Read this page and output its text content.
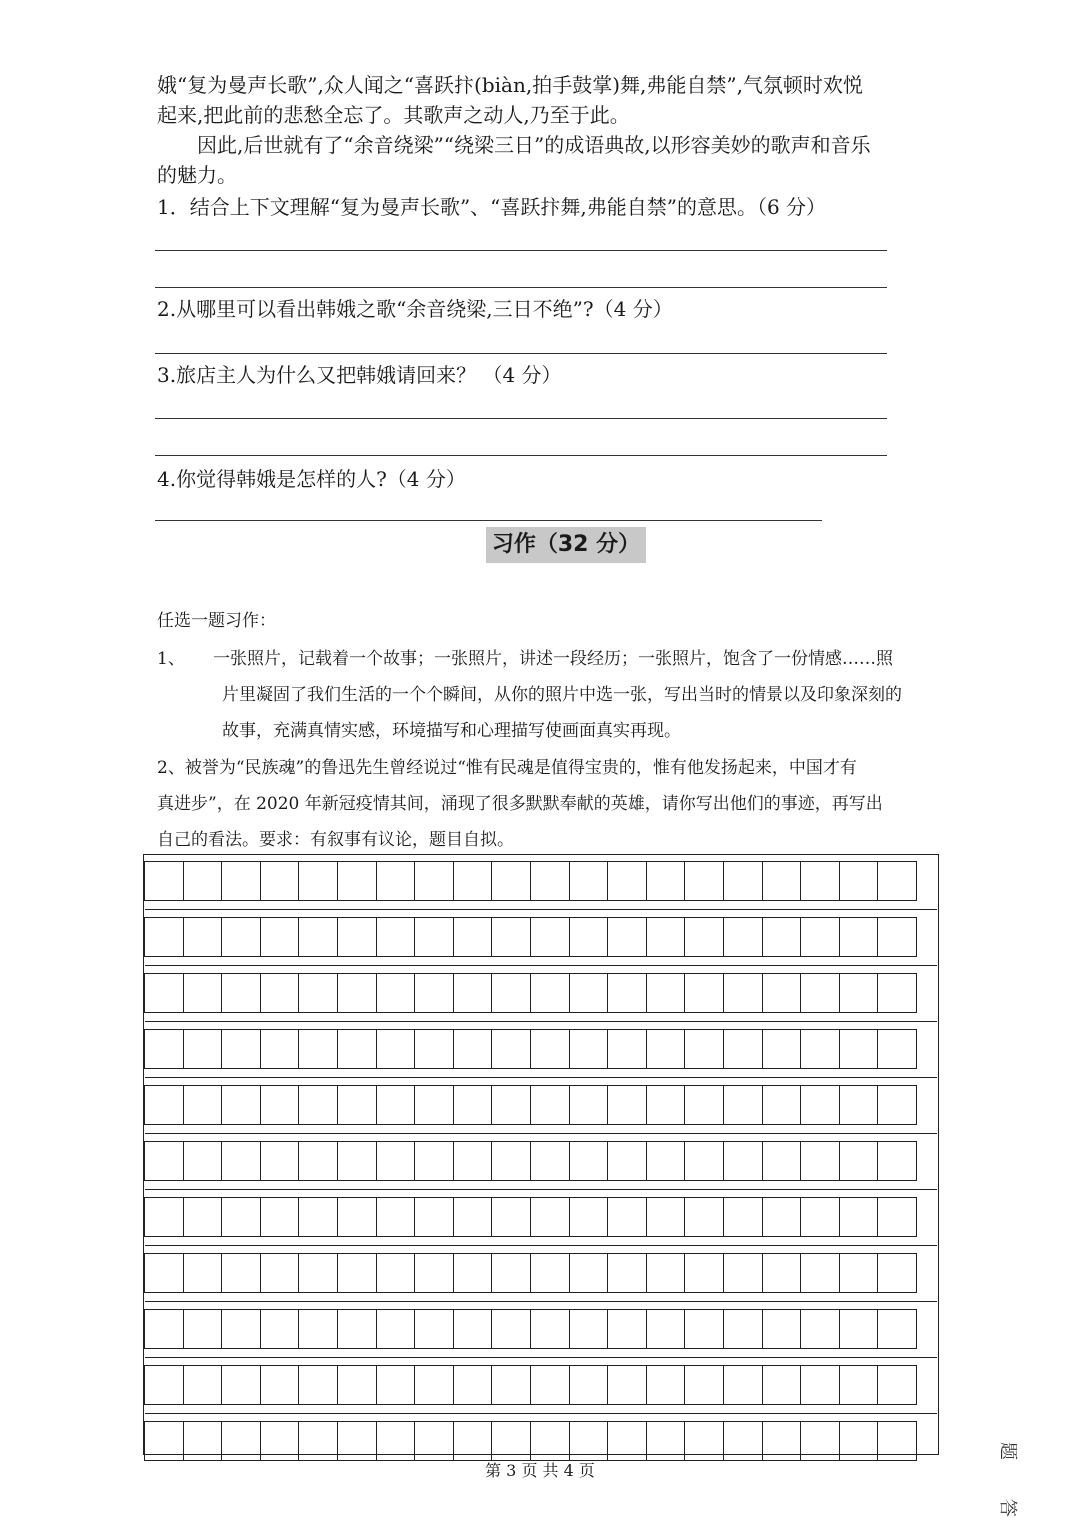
娥“复为曼声长歌”,众人闻之“喜跃抃(biàn,拍手鼓掌)舞,弗能自禁”,气氛顿时欢悦
起来,把此前的悲愁全忘了。其歌声之动人,乃至于此。
　　因此,后世就有了“余音绕梁”“绕梁三日”的成语典故,以形容美妙的歌声和音乐
的魅力。
1．结合上下文理解“复为曼声长歌”、“喜跃抃舞,弗能自禁”的意思。（6 分）
2.从哪里可以看出韩娥之歌“余音绕梁,三日不绝”?（4 分）
3.旅店主人为什么又把韩娥请回来？ （4 分）
4.你觉得韩娥是怎样的人?（4 分）
习作（32 分）
任选一题习作：
1、 一张照片，记载着一个故事；一张照片，讲述一段经历；一张照片，饱含了一份情感……照
片里凝固了我们生活的一个个瞬间，从你的照片中选一张，写出当时的情景以及印象深刻的
故事，充满真情实感，环境描写和心理描写使画面真实再现。
2、被誉为“民族魂”的鲁迅先生曾经说过“惟有民魂是值得宝贵的，惟有他发扬起来，中国才有
真进步”，在 2020 年新冠疫情其间，涌现了很多默默奉献的英雄，请你写出他们的事迹，再写出
自己的看法。要求：有叙事有议论，题目自拟。
第 3 页 共 4 页
题
答
